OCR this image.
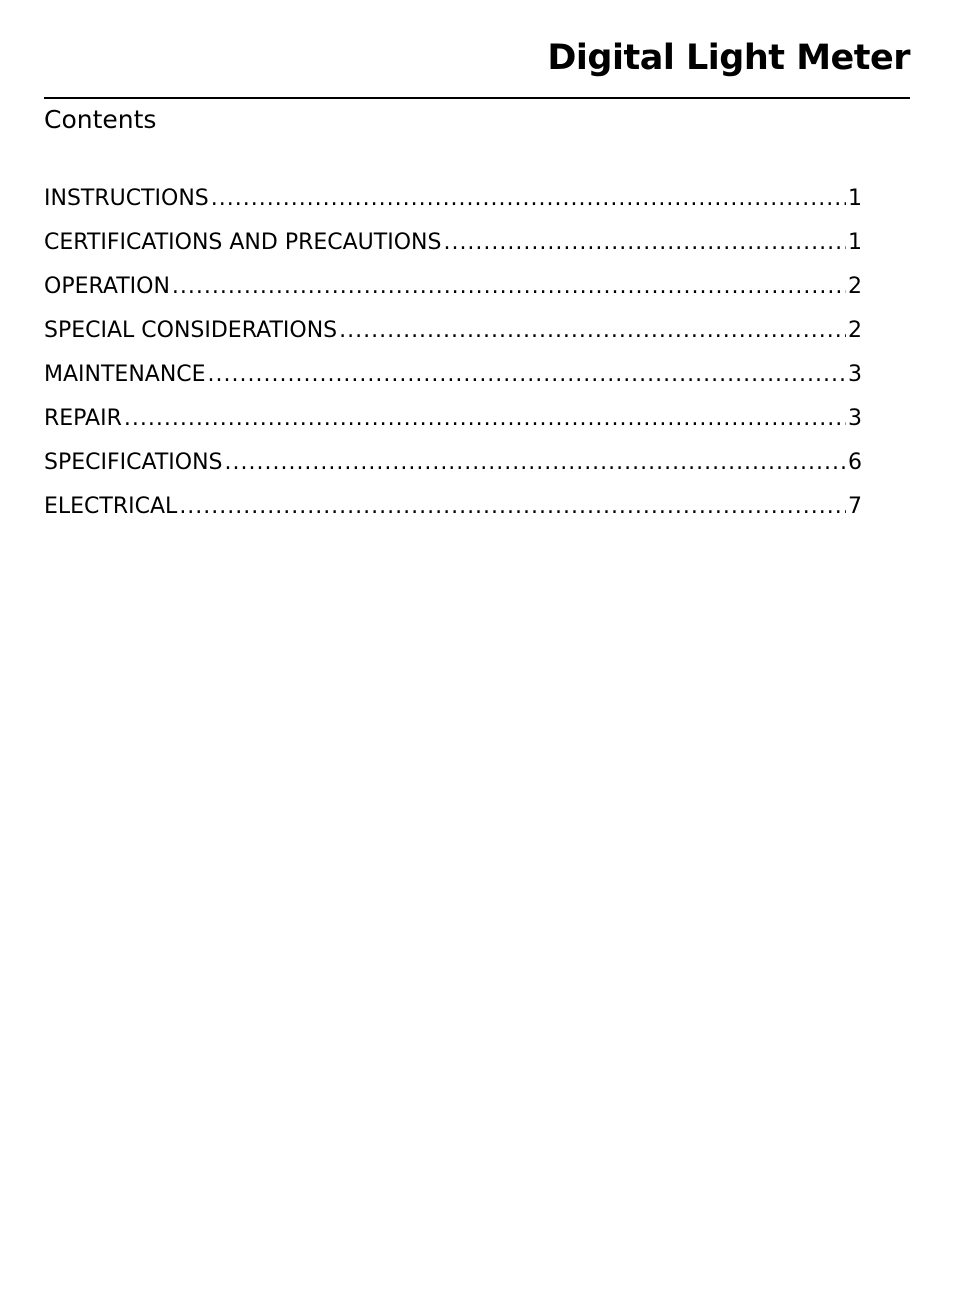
Digital Light Meter
Contents
INSTRUCTIONS .....	1
CERTIFICATIONS AND PRECAUTIONS .....	1
OPERATION .....	2
SPECIAL CONSIDERATIONS .....	2
MAINTENANCE .....	3
REPAIR .....	3
SPECIFICATIONS .....	6
ELECTRICAL .....	7
